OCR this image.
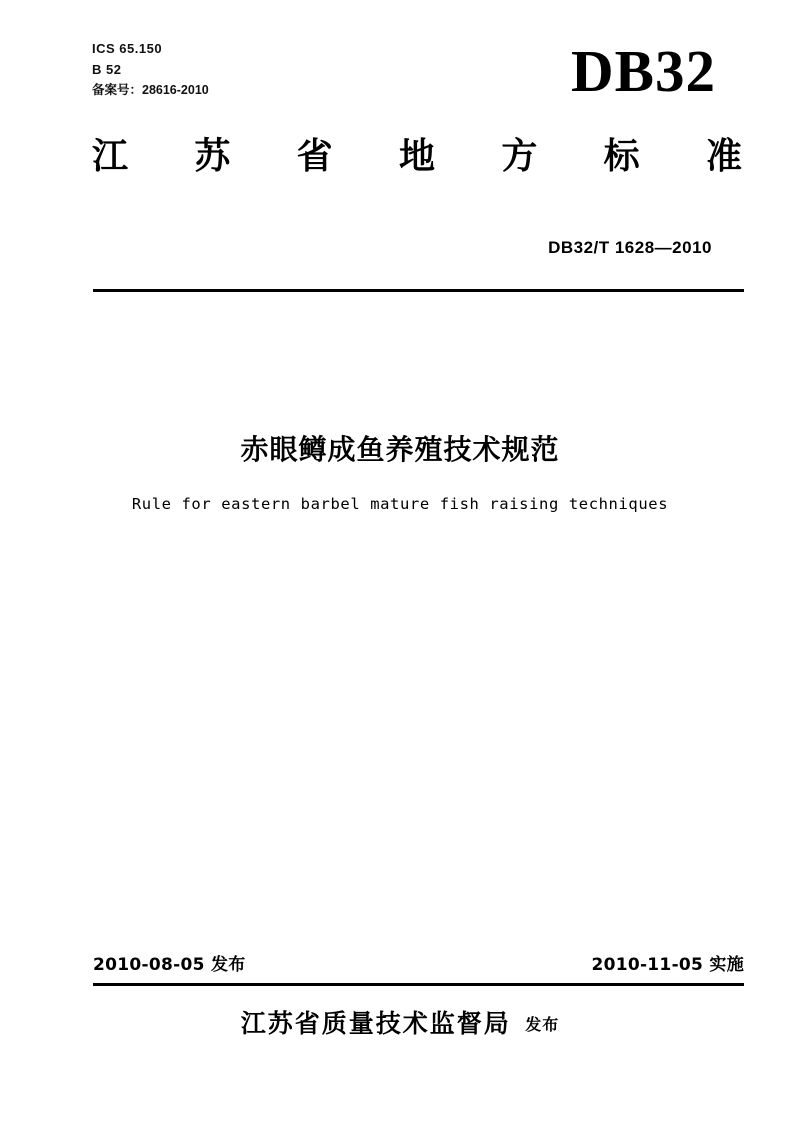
ICS 65.150
B 52
备案号：28616-2010	DB32
江 苏 省 地 方 标 准
DB32/T 1628—2010
赤眼鳟成鱼养殖技术规范
Rule for eastern barbel mature fish raising techniques
2010-08-05 发布	2010-11-05 实施
江苏省质量技术监督局 发布
